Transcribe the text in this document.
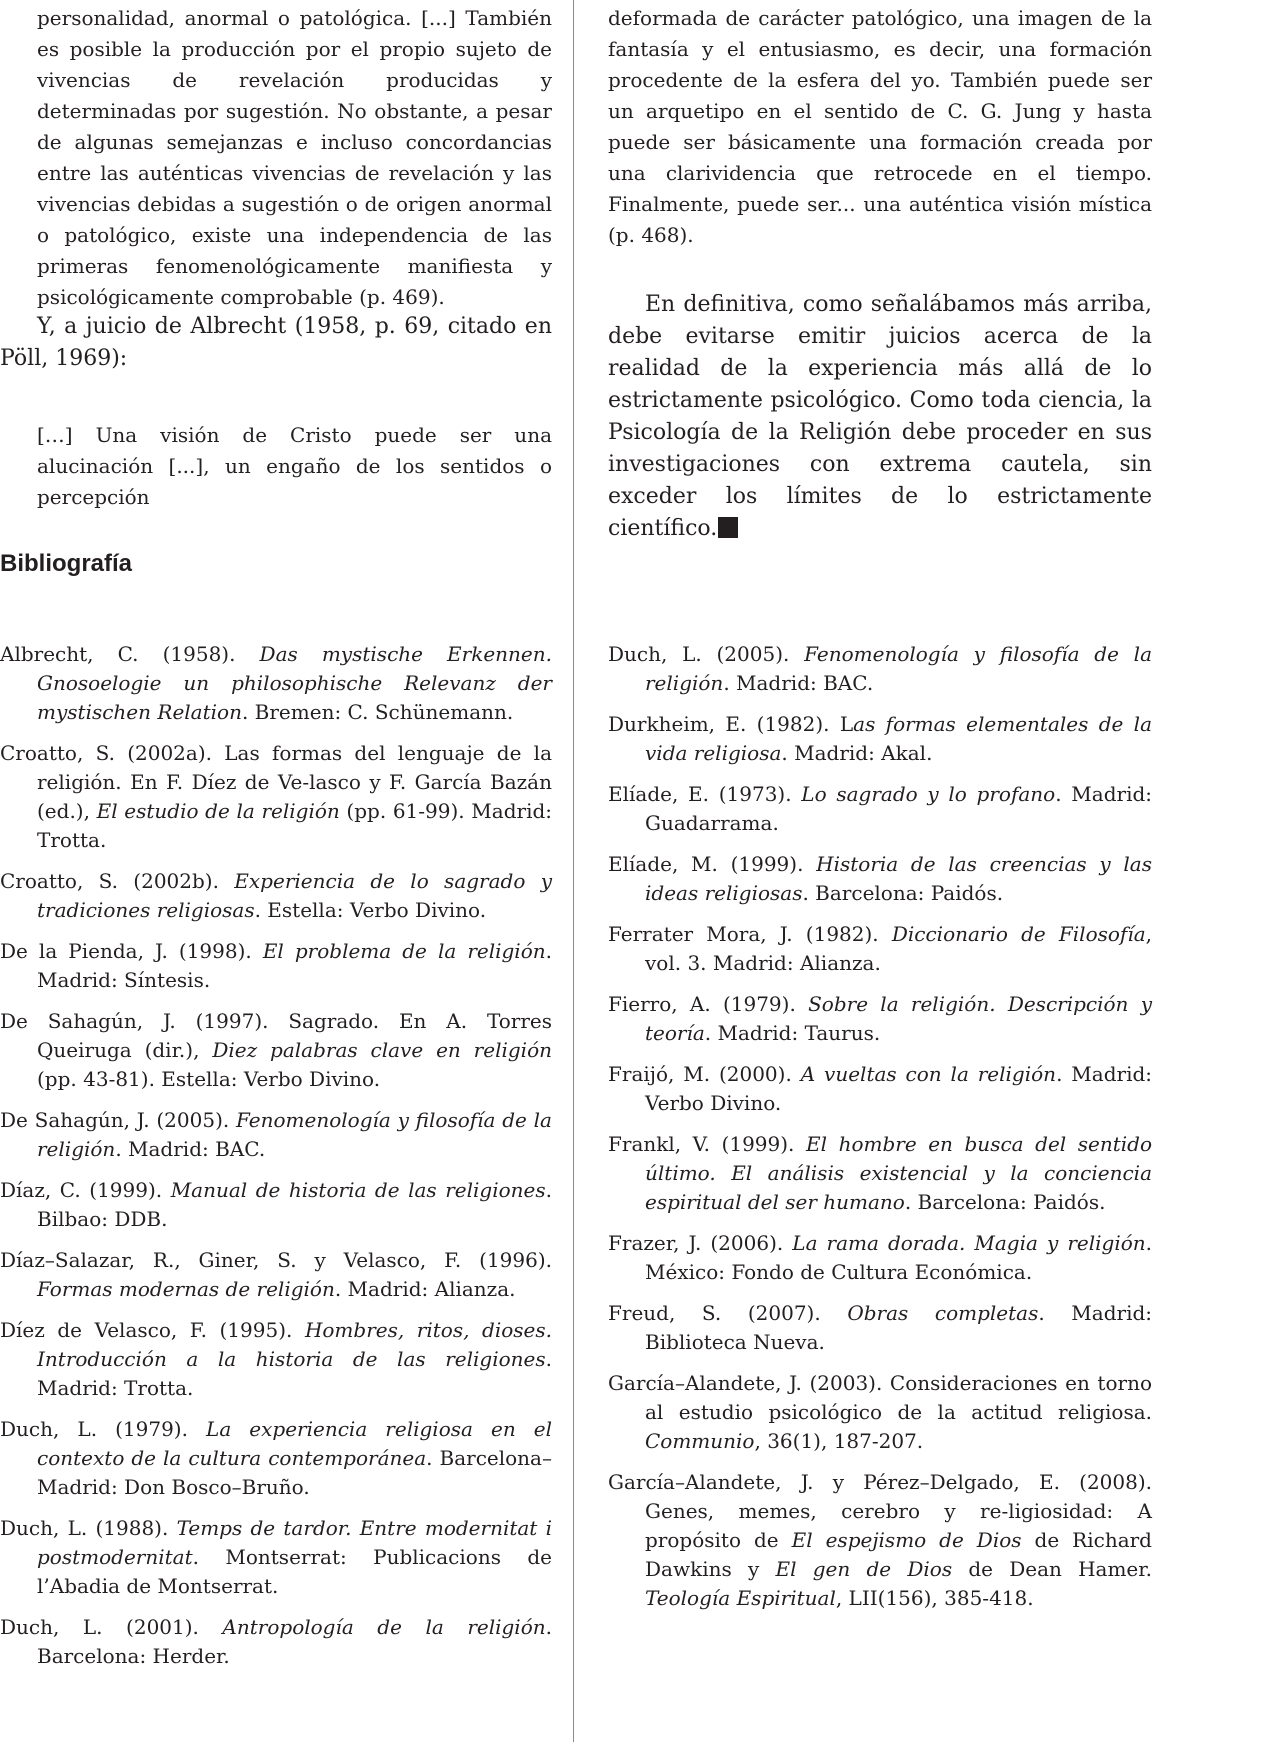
personalidad, anormal o patológica. [...] También es posible la producción por el propio sujeto de vivencias de revelación producidas y determinadas por sugestión. No obstante, a pesar de algunas semejanzas e incluso concordancias entre las auténticas vivencias de revelación y las vivencias debidas a sugestión o de origen anormal o patológico, existe una independencia de las primeras fenomenológicamente manifiesta y psicológicamente comprobable (p. 469).

Y, a juicio de Albrecht (1958, p. 69, citado en Pöll, 1969):

[…] Una visión de Cristo puede ser una alucinación [...], un engaño de los sentidos o percepción

Bibliografía

deformada de carácter patológico, una imagen de la fantasía y el entusiasmo, es decir, una formación procedente de la esfera del yo. También puede ser un arquetipo en el sentido de C. G. Jung y hasta puede ser básicamente una formación creada por una clarividencia que retrocede en el tiempo. Finalmente, puede ser... una auténtica visión mística (p. 468).

En definitiva, como señalábamos más arriba, debe evitarse emitir juicios acerca de la realidad de la experiencia más allá de lo estrictamente psicológico. Como toda ciencia, la Psicología de la Religión debe proceder en sus investigaciones con extrema cautela, sin exceder los límites de lo estrictamente científico.

Albrecht, C. (1958). Das mystische Erkennen. Gnosoelogie un philosophische Relevanz der mystischen Relation. Bremen: C. Schünemann.
Croatto, S. (2002a). Las formas del lenguaje de la religión. En F. Díez de Ve-lasco y F. García Bazán (ed.), El estudio de la religión (pp. 61-99). Madrid: Trotta.
Croatto, S. (2002b). Experiencia de lo sagrado y tradiciones religiosas. Estella: Verbo Divino.
De la Pienda, J. (1998). El problema de la religión. Madrid: Síntesis.
De Sahagún, J. (1997). Sagrado. En A. Torres Queiruga (dir.), Diez palabras clave en religión (pp. 43-81). Estella: Verbo Divino.
De Sahagún, J. (2005). Fenomenología y filosofía de la religión. Madrid: BAC.
Díaz, C. (1999). Manual de historia de las religiones. Bilbao: DDB.
Díaz–Salazar, R., Giner, S. y Velasco, F. (1996). Formas modernas de religión. Madrid: Alianza.
Díez de Velasco, F. (1995). Hombres, ritos, dioses. Introducción a la historia de las religiones. Madrid: Trotta.
Duch, L. (1979). La experiencia religiosa en el contexto de la cultura contemporánea. Barcelona–Madrid: Don Bosco–Bruño.
Duch, L. (1988). Temps de tardor. Entre modernitat i postmodernitat. Montserrat: Publicacions de l’Abadia de Montserrat.
Duch, L. (2001). Antropología de la religión. Barcelona: Herder.
Duch, L. (2005). Fenomenología y filosofía de la religión. Madrid: BAC.
Durkheim, E. (1982). Las formas elementales de la vida religiosa. Madrid: Akal.
Elíade, E. (1973). Lo sagrado y lo profano. Madrid: Guadarrama.
Elíade, M. (1999). Historia de las creencias y las ideas religiosas. Barcelona: Paidós.
Ferrater Mora, J. (1982). Diccionario de Filosofía, vol. 3. Madrid: Alianza.
Fierro, A. (1979). Sobre la religión. Descripción y teoría. Madrid: Taurus.
Fraijó, M. (2000). A vueltas con la religión. Madrid: Verbo Divino.
Frankl, V. (1999). El hombre en busca del sentido último. El análisis existencial y la conciencia espiritual del ser humano. Barcelona: Paidós.
Frazer, J. (2006). La rama dorada. Magia y religión. México: Fondo de Cultura Económica.
Freud, S. (2007). Obras completas. Madrid: Biblioteca Nueva.
García–Alandete, J. (2003). Consideraciones en torno al estudio psicológico de la actitud religiosa. Communio, 36(1), 187-207.
García–Alandete, J. y Pérez–Delgado, E. (2008). Genes, memes, cerebro y re-ligiosidad: A propósito de El espejismo de Dios de Richard Dawkins y El gen de Dios de Dean Hamer. Teología Espiritual, LII(156), 385-418.
